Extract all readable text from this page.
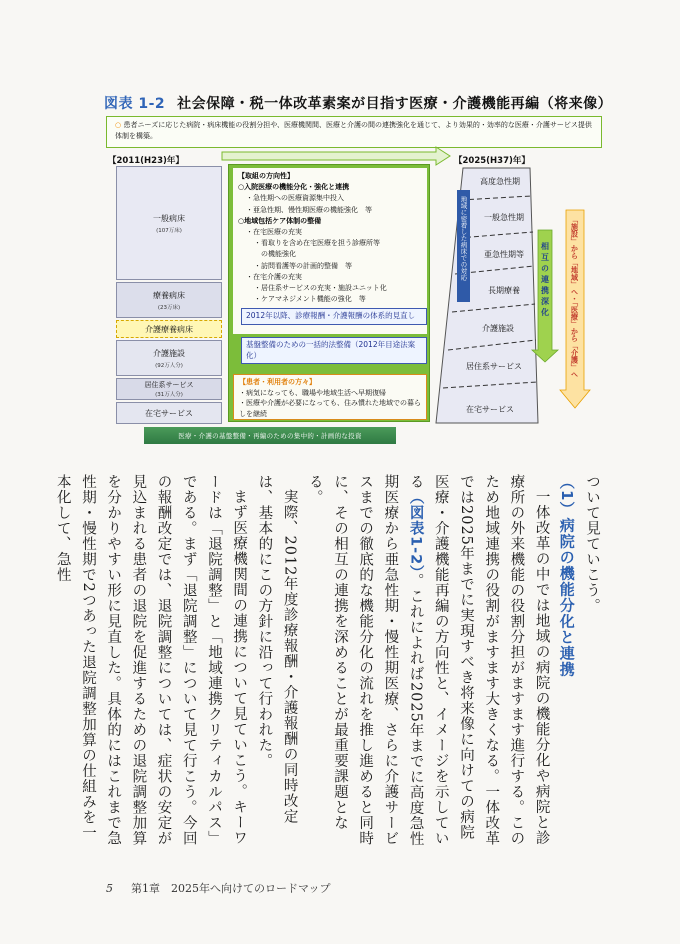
図表 1-2 社会保障・税一体改革素案が目指す医療・介護機能再編（将来像）
○ 患者ニーズに応じた病院・病床機能の役割分担や、医療機関間、医療と介護の間の連携強化を通じて、より効果的・効率的な医療・介護サービス提供体制を構築。
【2011(H23)年】	【2025(H37)年】
一般病床
(107万床)
療養病床
(23万床)
介護療養病床
介護施設
(92万人分)
居住系サービス
(31万人分)
在宅サービス
【取組の方向性】
○入院医療の機能分化・強化と連携
・急性期への医療資源集中投入
・亜急性期、慢性期医療の機能強化　等
○地域包括ケア体制の整備
・在宅医療の充実
・看取りを含め在宅医療を担う診療所等
　の機能強化
・訪問看護等の計画的整備　等
・在宅介護の充実
・居住系サービスの充実・施設ユニット化
・ケアマネジメント機能の強化　等
2012年以降、診療報酬・介護報酬の体系的見直し
基盤整備のための一括的法整備（2012年目途法案化）
【患者・利用者の方々】
・病気になっても、職場や地域生活へ早期復帰
・医療や介護が必要になっても、住み慣れた地域での暮らしを継続
医療・介護の基盤整備・再編のための集中的・計画的な投資
高度急性期
一般急性期
亜急性期等
長期療養
介護施設
居住系サービス
在宅サービス
地域に密着した病床での対応	相互の連携深化	「施設」から「地域」へ・「医療」から「介護」へ

ついて見ていこう。

（1）病院の機能分化と連携

一体改革の中では地域の病院の機能分化や病院と診療所の外来機能の役割分担がますます進行する。このため地域連携の役割がますます大きくなる。一体改革では2025年までに実現すべき将来像に向けての病院医療・介護機能再編の方向性と、イメージを示している（図表1-2）。これによれば2025年までに高度急性期医療から亜急性期・慢性期医療、さらに介護サービスまでの徹底的な機能分化の流れを推し進めると同時に、その相互の連携を深めることが最重要課題となる。

実際、2012年度診療報酬・介護報酬の同時改定は、基本的にこの方針に沿って行われた。

まず医療機関間の連携について見ていこう。キーワードは「退院調整」と「地域連携クリティカルパス」である。まず「退院調整」について見て行こう。今回の報酬改定では、退院調整については、症状の安定が見込まれる患者の退院を促進するための退院調整加算を分かりやすい形に見直した。具体的にはこれまで急性期・慢性期で2つあった退院調整加算の仕組みを一本化して、急性

5 第1章　2025年へ向けてのロードマップ
